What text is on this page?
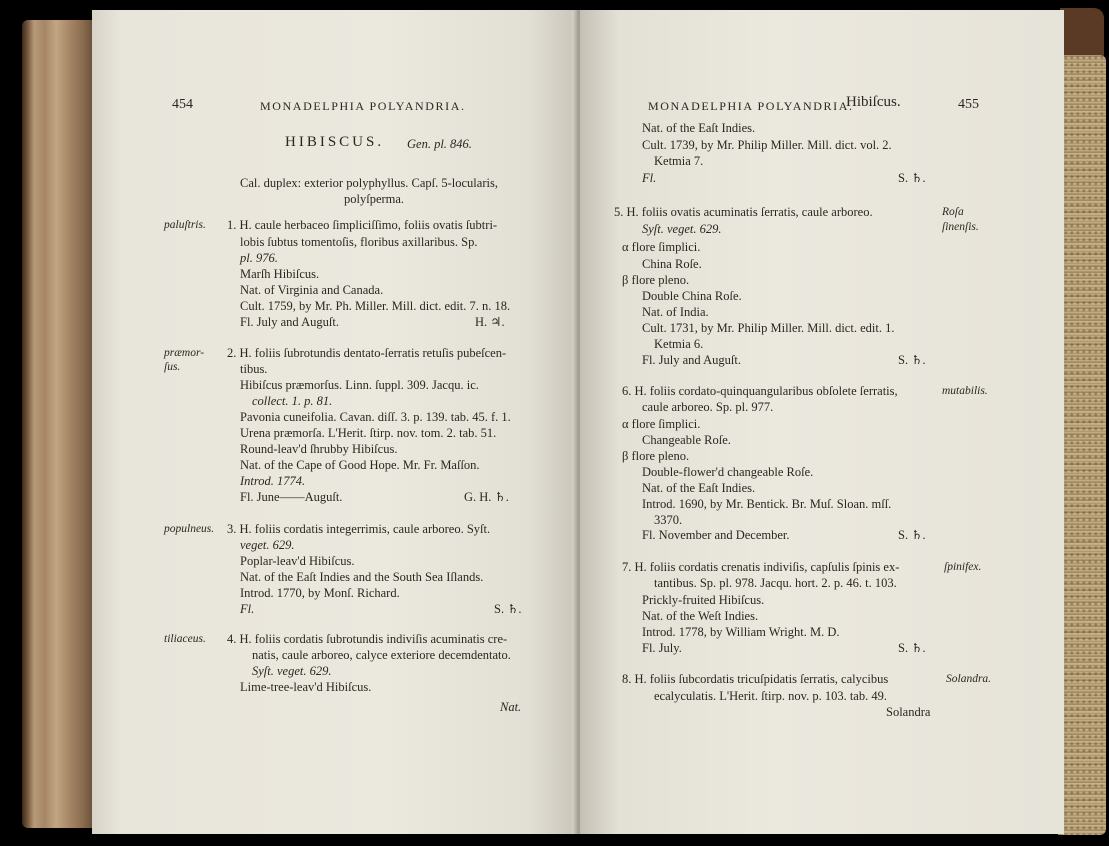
454	MONADELPHIA POLYANDRIA.
HIBISCUS. Gen. pl. 846.
Cal. duplex: exterior polyphyllus. Capſ. 5-locularis,
polyſperma.
paluſtris. 1. H. caule herbaceo ſimpliciſſimo, foliis ovatis ſubtri-
lobis ſubtus tomentoſis, floribus axillaribus. Sp.
pl. 976.
Marſh Hibiſcus.
Nat. of Virginia and Canada.
Cult. 1759, by Mr. Ph. Miller. Mill. dict. edit. 7. n. 18.
Fl. July and Auguſt.	H. ♃.
præmor-
ſus.
2. H. foliis ſubrotundis dentato-ſerratis retuſis pubeſcen-
tibus.
Hibiſcus præmorſus. Linn. ſuppl. 309. Jacqu. ic.
collect. 1. p. 81.
Pavonia cuneifolia. Cavan. diſſ. 3. p. 139. tab. 45. f. 1.
Urena præmorſa. L'Herit. ſtirp. nov. tom. 2. tab. 51.
Round-leav'd ſhrubby Hibiſcus.
Nat. of the Cape of Good Hope. Mr. Fr. Maſſon.
Introd. 1774.
Fl. June——Auguſt.	G. H. ♄.
populneus. 3. H. foliis cordatis integerrimis, caule arboreo. Syſt.
veget. 629.
Poplar-leav'd Hibiſcus.
Nat. of the Eaſt Indies and the South Sea Iſlands.
Introd. 1770, by Monſ. Richard.
Fl.	S. ♄.
tiliaceus. 4. H. foliis cordatis ſubrotundis indiviſis acuminatis cre-
natis, caule arboreo, calyce exteriore decemdentato.
Syſt. veget. 629.
Lime-tree-leav'd Hibiſcus.
Nat.
MONADELPHIA POLYANDRIA.
Hibiſcus.	455
Nat. of the Eaſt Indies.
Cult. 1739, by Mr. Philip Miller. Mill. dict. vol. 2.
Ketmia 7.
Fl.	S. ♄.
5. H. foliis ovatis acuminatis ſerratis, caule arboreo.	Roſa
ſinenſis.
Syſt. veget. 629.
α flore ſimplici.
China Roſe.
β flore pleno.
Double China Roſe.
Nat. of India.
Cult. 1731, by Mr. Philip Miller. Mill. dict. edit. 1.
Ketmia 6.
Fl. July and Auguſt.	S. ♄.
6. H. foliis cordato-quinquangularibus obſolete ſerratis,	mutabilis.
caule arboreo. Sp. pl. 977.
α flore ſimplici.
Changeable Roſe.
β flore pleno.
Double-flower'd changeable Roſe.
Nat. of the Eaſt Indies.
Introd. 1690, by Mr. Bentick. Br. Muſ. Sloan. mſſ.
3370.
Fl. November and December.	S. ♄.
7. H. foliis cordatis crenatis indiviſis, capſulis ſpinis ex-	ſpinifex.
tantibus. Sp. pl. 978. Jacqu. hort. 2. p. 46. t. 103.
Prickly-fruited Hibiſcus.
Nat. of the Weſt Indies.
Introd. 1778, by William Wright. M. D.
Fl. July.	S. ♄.
8. H. foliis ſubcordatis tricuſpidatis ſerratis, calycibus	Solandra.
ecalyculatis. L'Herit. ſtirp. nov. p. 103. tab. 49.
Solandra
